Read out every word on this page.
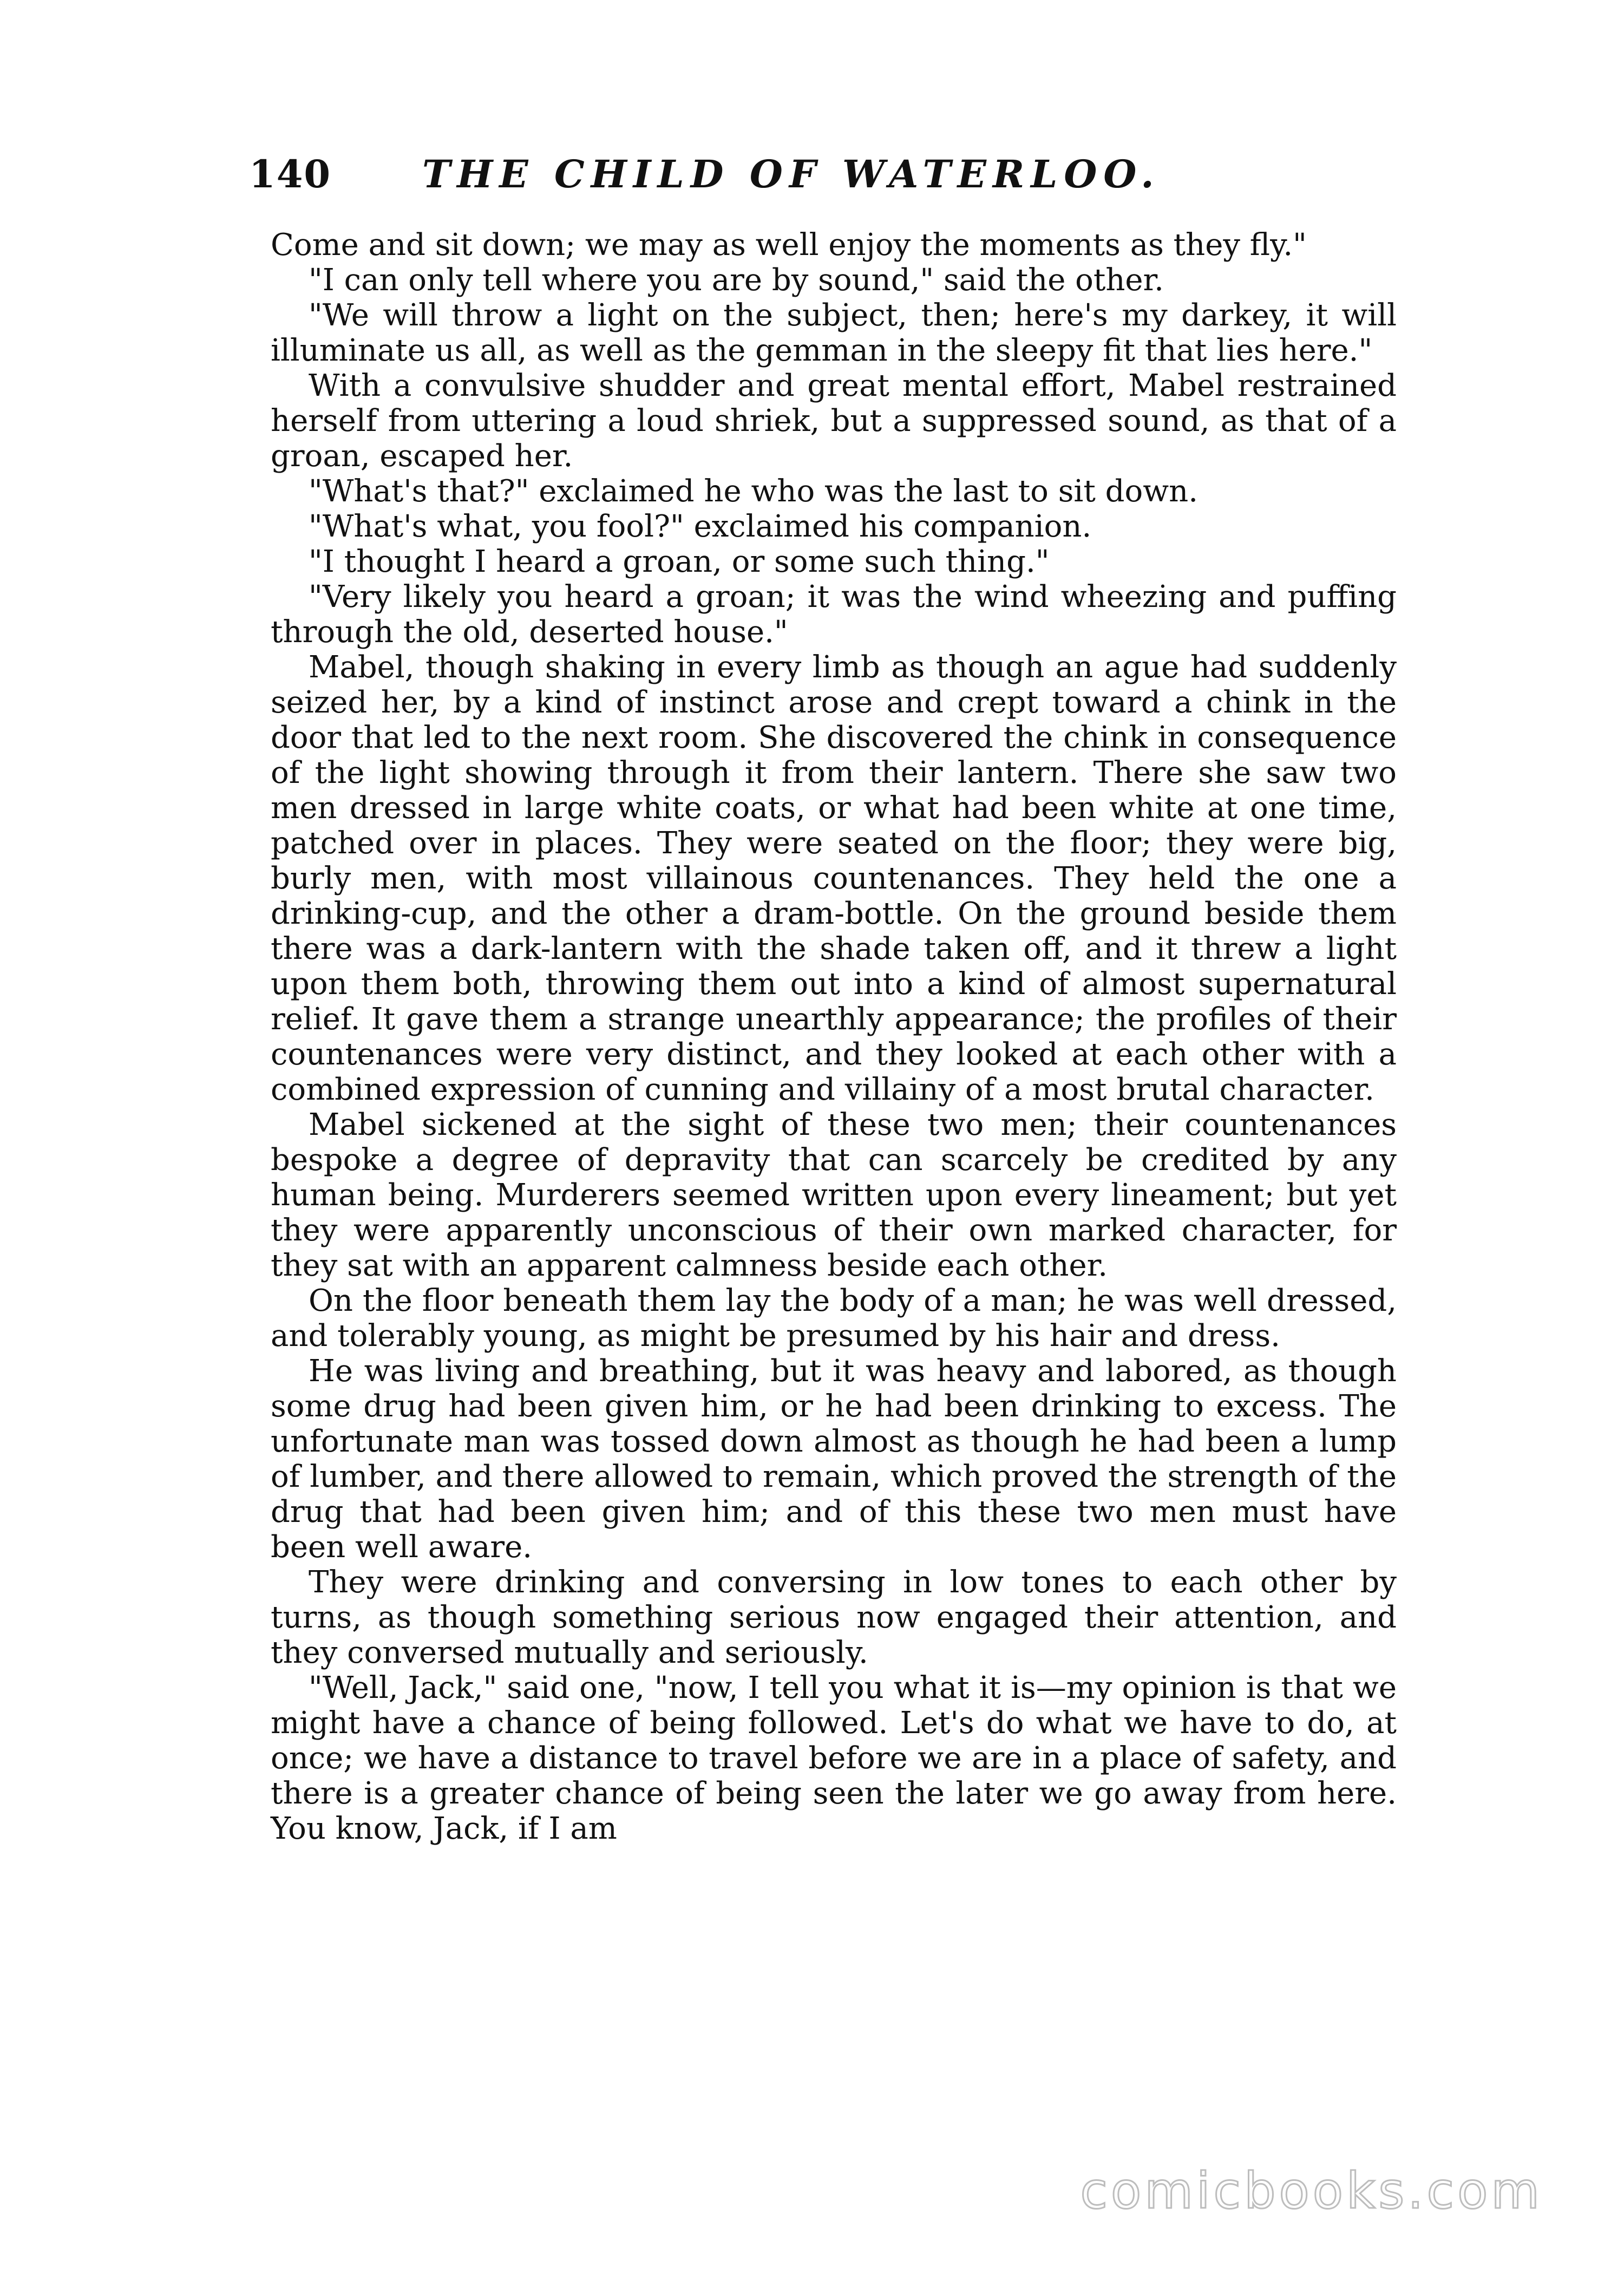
140 THE CHILD OF WATERLOO.

Come and sit down; we may as well enjoy the moments as they fly."

"I can only tell where you are by sound," said the other.

"We will throw a light on the subject, then; here's my darkey, it will illuminate us all, as well as the gemman in the sleepy fit that lies here."

With a convulsive shudder and great mental effort, Mabel restrained herself from uttering a loud shriek, but a suppressed sound, as that of a groan, escaped her.

"What's that?" exclaimed he who was the last to sit down.

"What's what, you fool?" exclaimed his companion.

"I thought I heard a groan, or some such thing."

"Very likely you heard a groan; it was the wind wheezing and puffing through the old, deserted house."

Mabel, though shaking in every limb as though an ague had suddenly seized her, by a kind of instinct arose and crept toward a chink in the door that led to the next room. She discovered the chink in consequence of the light showing through it from their lantern. There she saw two men dressed in large white coats, or what had been white at one time, patched over in places. They were seated on the floor; they were big, burly men, with most villainous countenances. They held the one a drinking-cup, and the other a dram-bottle. On the ground beside them there was a dark-lantern with the shade taken off, and it threw a light upon them both, throwing them out into a kind of almost supernatural relief. It gave them a strange unearthly appearance; the profiles of their countenances were very distinct, and they looked at each other with a combined expression of cunning and villainy of a most brutal character.

Mabel sickened at the sight of these two men; their countenances bespoke a degree of depravity that can scarcely be credited by any human being. Murderers seemed written upon every lineament; but yet they were apparently unconscious of their own marked character, for they sat with an apparent calmness beside each other.

On the floor beneath them lay the body of a man; he was well dressed, and tolerably young, as might be presumed by his hair and dress.

He was living and breathing, but it was heavy and labored, as though some drug had been given him, or he had been drinking to excess. The unfortunate man was tossed down almost as though he had been a lump of lumber, and there allowed to remain, which proved the strength of the drug that had been given him; and of this these two men must have been well aware.

They were drinking and conversing in low tones to each other by turns, as though something serious now engaged their attention, and they conversed mutually and seriously.

"Well, Jack," said one, "now, I tell you what it is—my opinion is that we might have a chance of being followed. Let's do what we have to do, at once; we have a distance to travel before we are in a place of safety, and there is a greater chance of being seen the later we go away from here. You know, Jack, if I am

comicbooks.com
